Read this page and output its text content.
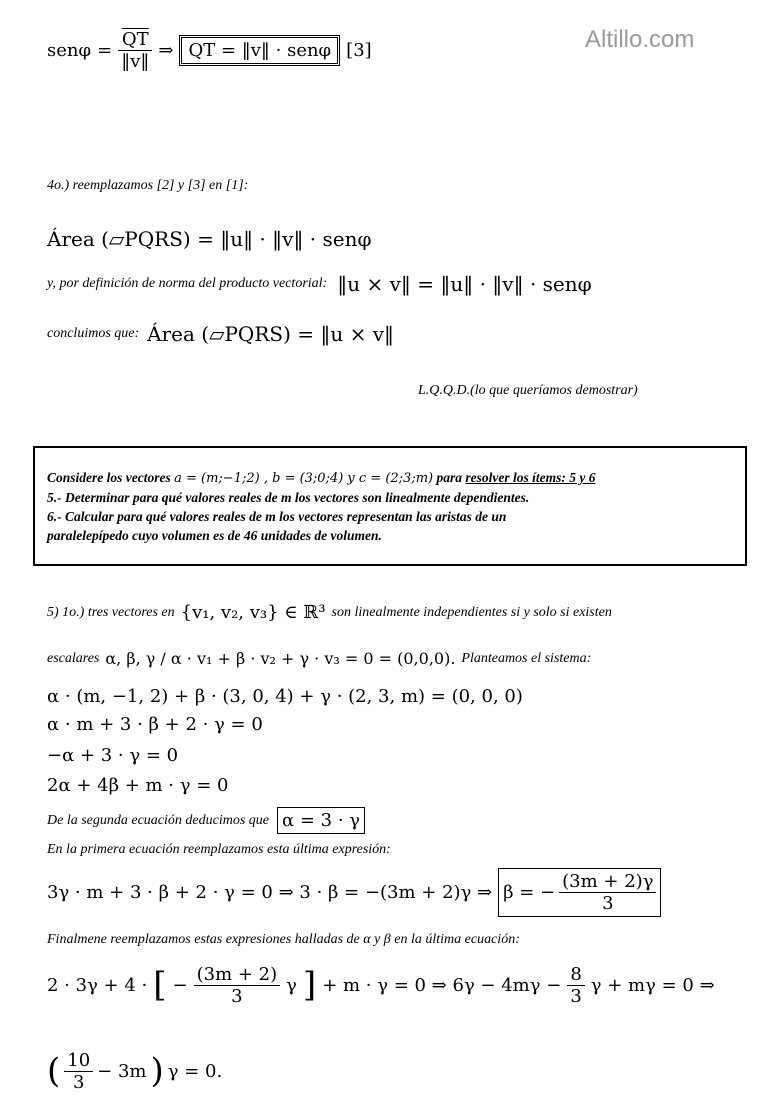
Altillo.com
sen $\varphi = \frac{\overline{QT}}{‖v‖}$ ⇒ QT = ‖v‖ · senφ [3]
4o.) reemplazamos [2] y [3] en [1]:
Área (▱PQRS) = ‖u‖ · ‖v‖ · senφ
y, por definición de norma del producto vectorial: ‖u × v‖ = ‖u‖ · ‖v‖ · senφ
concluimos que: Área (▱PQRS) = ‖u × v‖
L.Q.Q.D.(lo que queríamos demostrar)
Considere los vectores a = (m;−1;2) , b = (3;0;4) y c = (2;3;m) para resolver los ítems: 5 y 6
5.- Determinar para qué valores reales de m los vectores son linealmente dependientes.
6.- Calcular para qué valores reales de m los vectores representan las aristas de un
paralelepípedo cuyo volumen es de 46 unidades de volumen.
5) 1o.) tres vectores en {v₁, v₂, v₃} ∈ ℝ³ son linealmente independientes si y solo si existen
escalares α, β, γ / α · v₁ + β · v₂ + γ · v₃ = 0 = (0,0,0). Planteamos el sistema:
α · (m, −1, 2) + β · (3, 0, 4) + γ · (2, 3, m) = (0, 0, 0)
α · m + 3 · β + 2 · γ = 0
−α + 3 · γ = 0
2α + 4β + m · γ = 0
De la segunda ecuación deducimos que α = 3 · γ
En la primera ecuación reemplazamos esta última expresión:
3γ · m + 3 · β + 2 · γ = 0 ⇒ 3 · β = −(3m + 2)γ ⇒ β = − $\frac{(3m + 2)\gamma}{3}$
Finalmene reemplazamos estas expresiones halladas de α y β en la última ecuación:
2 · 3γ + 4 · [ − $\frac{(3m + 2)}{3}$ γ ] + m · γ = 0 ⇒ $6\gamma - 4m\gamma - \frac{8}{3}$ γ + mγ = 0 ⇒
( $\frac{10}{3} - 3m$ ) γ = 0.
